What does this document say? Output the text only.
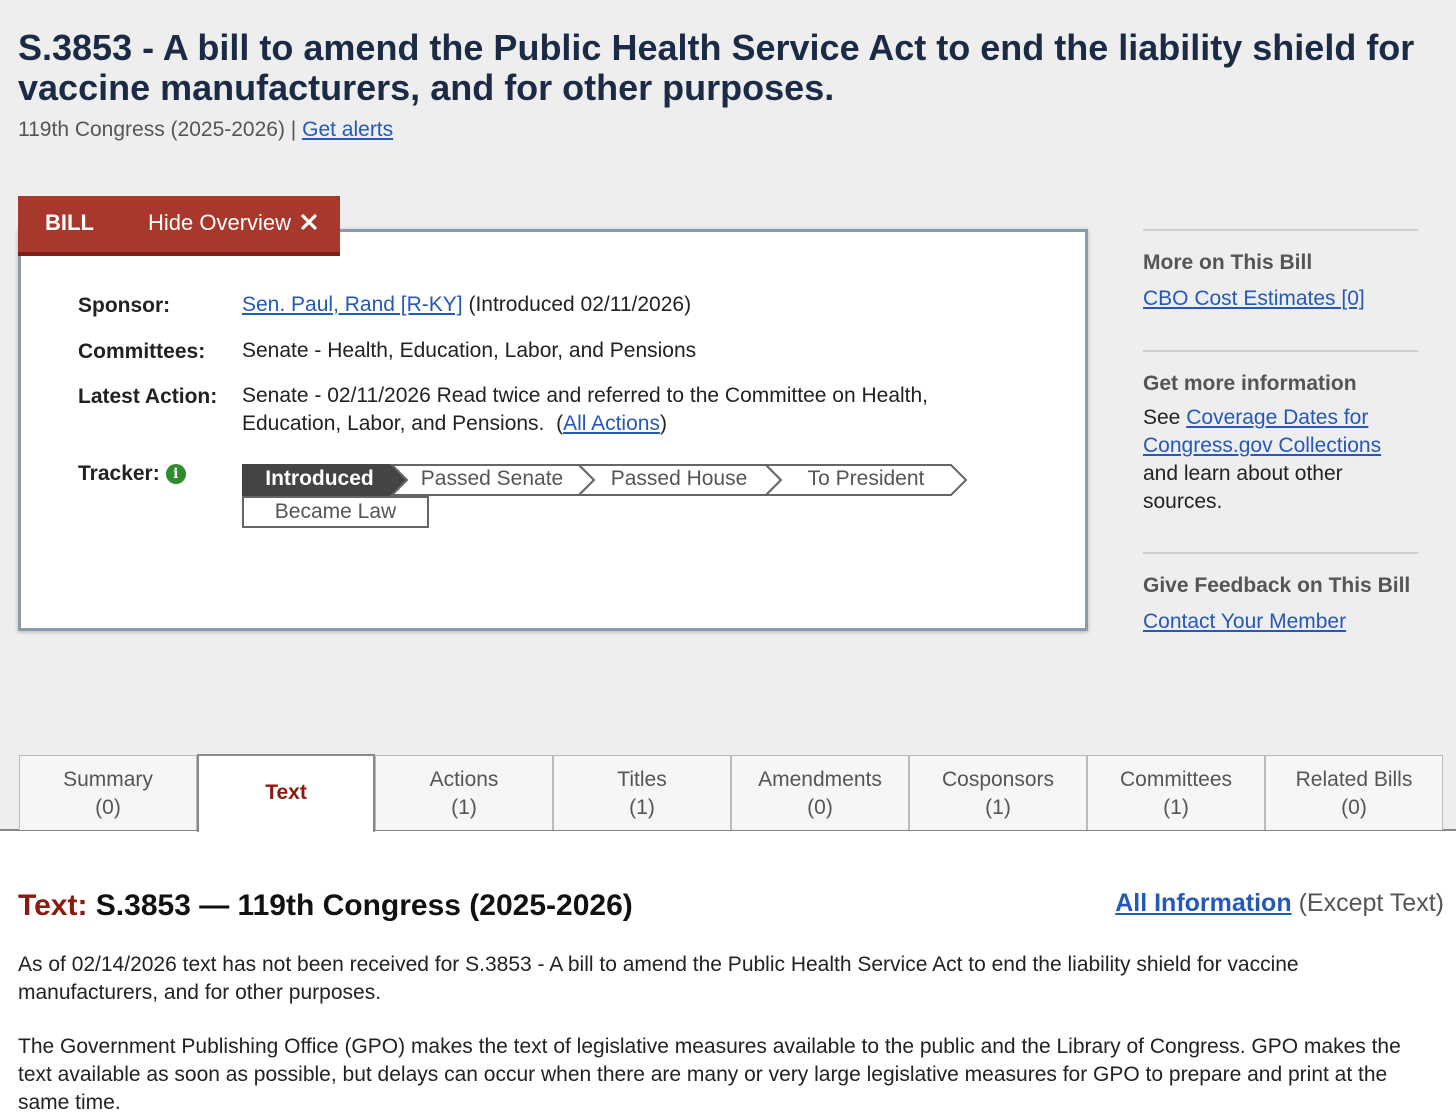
S.3853 - A bill to amend the Public Health Service Act to end the liability shield for vaccine manufacturers, and for other purposes.
119th Congress (2025-2026) | Get alerts
BILL Hide Overview
Sponsor:	Sen. Paul, Rand [R-KY] (Introduced 02/11/2026)
Committees: Senate - Health, Education, Labor, and Pensions
Latest Action: Senate - 02/11/2026 Read twice and referred to the Committee on Health,
Education, Labor, and Pensions. (All Actions)
Tracker: i	Introduced	Passed Senate	Passed House	To President
Became Law
More on This Bill
CBO Cost Estimates [0]
Get more information
See Coverage Dates for Congress.gov Collections and learn about other sources.
Give Feedback on This Bill
Contact Your Member
Summary
(0)
Text
Actions
(1)
Titles
(1)
Amendments
(0)
Cosponsors
(1)
Committees
(1)
Related Bills
(0)
Text: S.3853 — 119th Congress (2025-2026)	All Information (Except Text)

As of 02/14/2026 text has not been received for S.3853 - A bill to amend the Public Health Service Act to end the liability shield for vaccine manufacturers, and for other purposes.

The Government Publishing Office (GPO) makes the text of legislative measures available to the public and the Library of Congress. GPO makes the text available as soon as possible, but delays can occur when there are many or very large legislative measures for GPO to prepare and print at the same time.
